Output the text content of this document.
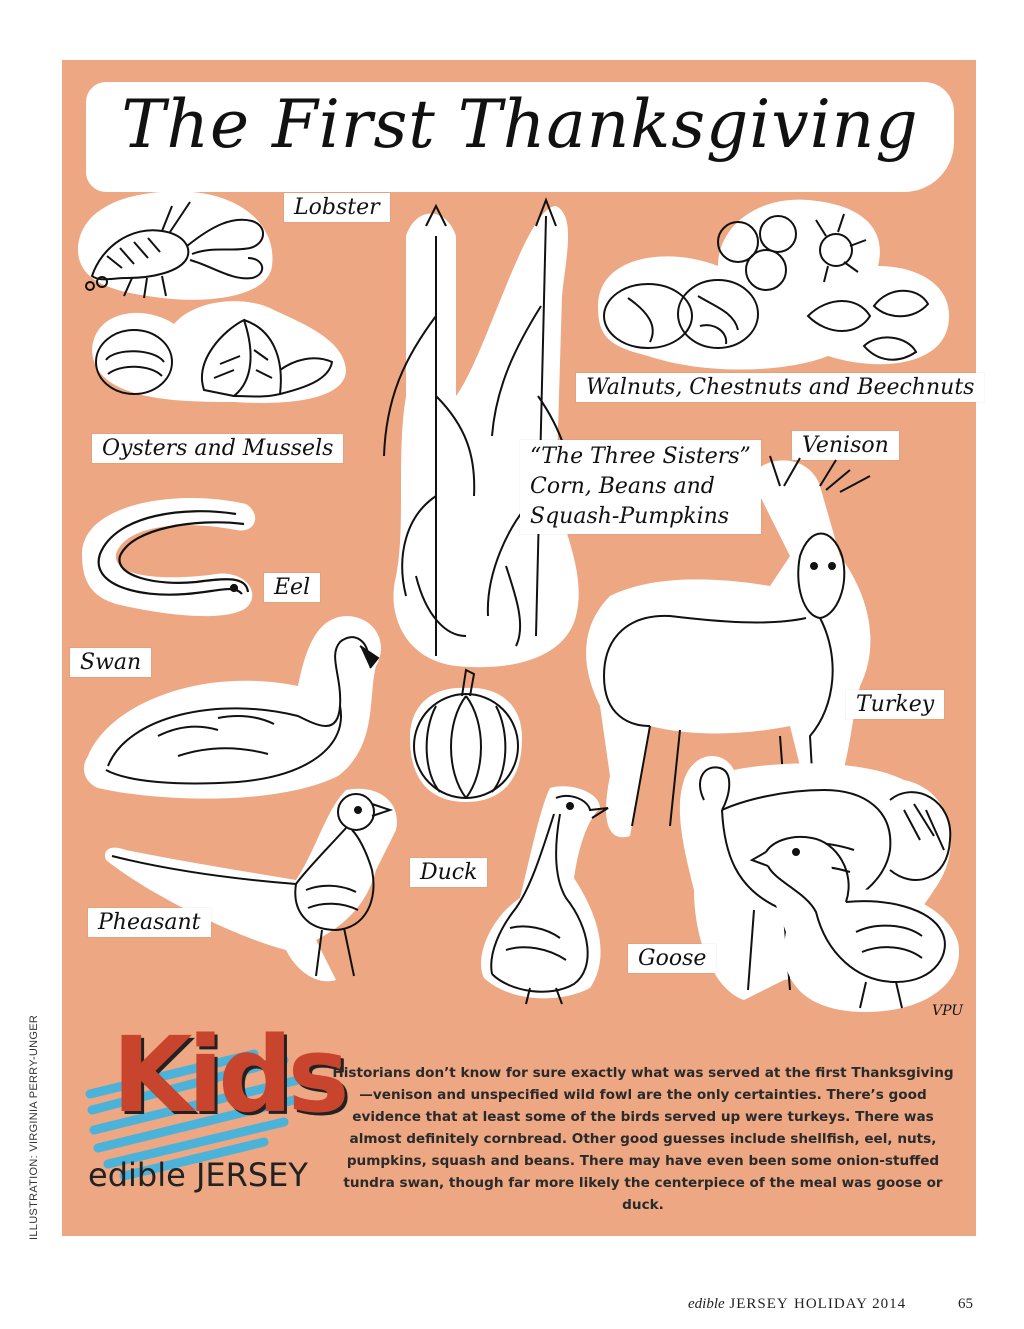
ILLUSTRATION: VIRGINIA PERRY-UNGER
The First Thanksgiving
Lobster
Oysters and Mussels
Eel
Swan
Walnuts, Chestnuts and Beechnuts
“The Three Sisters”
Corn, Beans and
Squash-Pumpkins
Venison
Turkey
Duck
Pheasant
Goose
VPU
Kids
edible JERSEY
Historians don’t know for sure exactly what was served at the first Thanksgiving—venison and unspecified wild fowl are the only certainties. There’s good evidence that at least some of the birds served up were turkeys. There was almost definitely cornbread. Other good guesses include shellfish, eel, nuts, pumpkins, squash and beans. There may have even been some onion-stuffed tundra swan, though far more likely the centerpiece of the meal was goose or duck.
edible JERSEY HOLIDAY 2014	65
